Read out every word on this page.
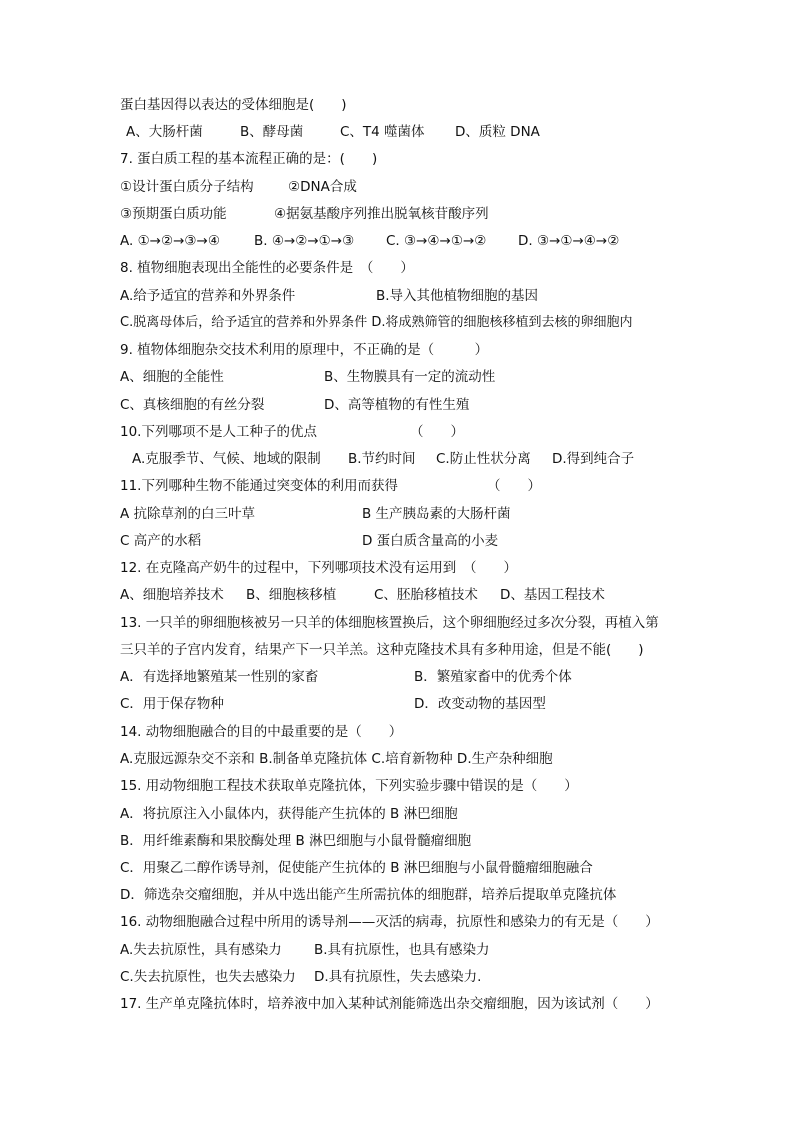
蛋白基因得以表达的受体细胞是(　　)
A、大肠杆菌	B、酵母菌	C、T4 噬菌体 D、质粒 DNA
7. 蛋白质工程的基本流程正确的是：(　　)
①设计蛋白质分子结构	②DNA合成
③预期蛋白质功能	④据氨基酸序列推出脱氧核苷酸序列
A. ①→②→③→④	B. ④→②→①→③ C. ③→④→①→② D. ③→①→④→②
8. 植物细胞表现出全能性的必要条件是　（　　）
A.给予适宜的营养和外界条件	B.导入其他植物细胞的基因
C.脱离母体后，给予适宜的营养和外界条件 D.将成熟筛管的细胞核移植到去核的卵细胞内
9. 植物体细胞杂交技术利用的原理中，不正确的是（　　　）
A、细胞的全能性	B、生物膜具有一定的流动性
C、真核细胞的有丝分裂	D、高等植物的有性生殖
10.下列哪项不是人工种子的优点	（　　）
A.克服季节、气候、地域的限制 B.节约时间 C.防止性状分离 D.得到纯合子
11.下列哪种生物不能通过突变体的利用而获得	（　　）
A 抗除草剂的白三叶草	B 生产胰岛素的大肠杆菌
C 高产的水稻	D 蛋白质含量高的小麦
12. 在克隆高产奶牛的过程中，下列哪项技术没有运用到　（　　）
A、细胞培养技术 B、细胞核移植	C、胚胎移植技术 D、基因工程技术
13. 一只羊的卵细胞核被另一只羊的体细胞核置换后，这个卵细胞经过多次分裂，再植入第
三只羊的子宫内发育，结果产下一只羊羔。这种克隆技术具有多种用途，但是不能(　　)
A．有选择地繁殖某一性别的家畜	B．繁殖家畜中的优秀个体
C．用于保存物种	D．改变动物的基因型
14. 动物细胞融合的目的中最重要的是（　　）
A.克服远源杂交不亲和 B.制备单克隆抗体 C.培育新物种 D.生产杂种细胞
15. 用动物细胞工程技术获取单克隆抗体，下列实验步骤中错误的是（　　）
A．将抗原注入小鼠体内，获得能产生抗体的 B 淋巴细胞
B．用纤维素酶和果胶酶处理 B 淋巴细胞与小鼠骨髓瘤细胞
C．用聚乙二醇作诱导剂，促使能产生抗体的 B 淋巴细胞与小鼠骨髓瘤细胞融合
D．筛选杂交瘤细胞，并从中选出能产生所需抗体的细胞群，培养后提取单克隆抗体
16. 动物细胞融合过程中所用的诱导剂——灭活的病毒，抗原性和感染力的有无是（　　）
A.失去抗原性，具有感染力 B.具有抗原性，也具有感染力
C.失去抗原性，也失去感染力 D.具有抗原性，失去感染力.
17. 生产单克隆抗体时，培养液中加入某种试剂能筛选出杂交瘤细胞，因为该试剂（　　）
